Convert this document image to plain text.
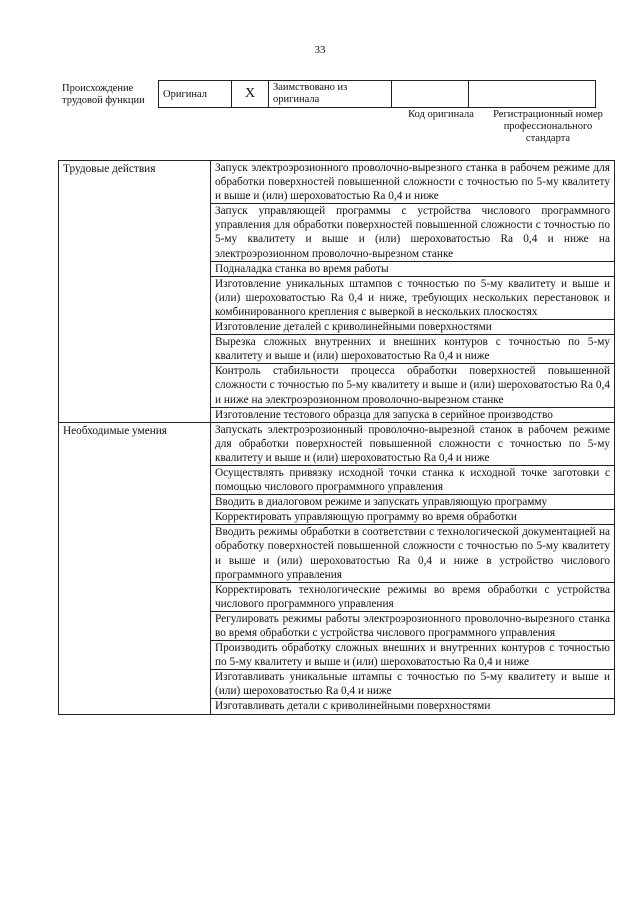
33
Происхождение трудовой функции
Оригинал	X	Заимствовано из оригинала		
Код оригинала	Регистрационный номер профессионального стандарта
Трудовые действия	Запуск электроэрозионного проволочно-вырезного станка в рабочем режиме для обработки поверхностей повышенной сложности с точностью по 5-му квалитету и выше и (или) шероховатостью Ra 0,4 и ниже
	Запуск управляющей программы с устройства числового программного управления для обработки поверхностей повышенной сложности с точностью по 5-му квалитету и выше и (или) шероховатостью Ra 0,4 и ниже на электроэрозионном проволочно-вырезном станке
	Подналадка станка во время работы
	Изготовление уникальных штампов с точностью по 5-му квалитету и выше и (или) шероховатостью Ra 0,4 и ниже, требующих нескольких перестановок и комбинированного крепления с выверкой в нескольких плоскостях
	Изготовление деталей с криволинейными поверхностями
	Вырезка сложных внутренних и внешних контуров с точностью по 5-му квалитету и выше и (или) шероховатостью Ra 0,4 и ниже
	Контроль стабильности процесса обработки поверхностей повышенной сложности с точностью по 5-му квалитету и выше и (или) шероховатостью Ra 0,4 и ниже на электроэрозионном проволочно-вырезном станке
	Изготовление тестового образца для запуска в серийное производство
Необходимые умения	Запускать электроэрозионный проволочно-вырезной станок в рабочем режиме для обработки поверхностей повышенной сложности с точностью по 5-му квалитету и выше и (или) шероховатостью Ra 0,4 и ниже
	Осуществлять привязку исходной точки станка к исходной точке заготовки с помощью числового программного управления
	Вводить в диалоговом режиме и запускать управляющую программу
	Корректировать управляющую программу во время обработки
	Вводить режимы обработки в соответствии с технологической документацией на обработку поверхностей повышенной сложности с точностью по 5-му квалитету и выше и (или) шероховатостью Ra 0,4 и ниже в устройство числового программного управления
	Корректировать технологические режимы во время обработки с устройства числового программного управления
	Регулировать режимы работы электроэрозионного проволочно-вырезного станка во время обработки с устройства числового программного управления
	Производить обработку сложных внешних и внутренних контуров с точностью по 5-му квалитету и выше и (или) шероховатостью Ra 0,4 и ниже
	Изготавливать уникальные штампы с точностью по 5-му квалитету и выше и (или) шероховатостью Ra 0,4 и ниже
	Изготавливать детали с криволинейными поверхностями
